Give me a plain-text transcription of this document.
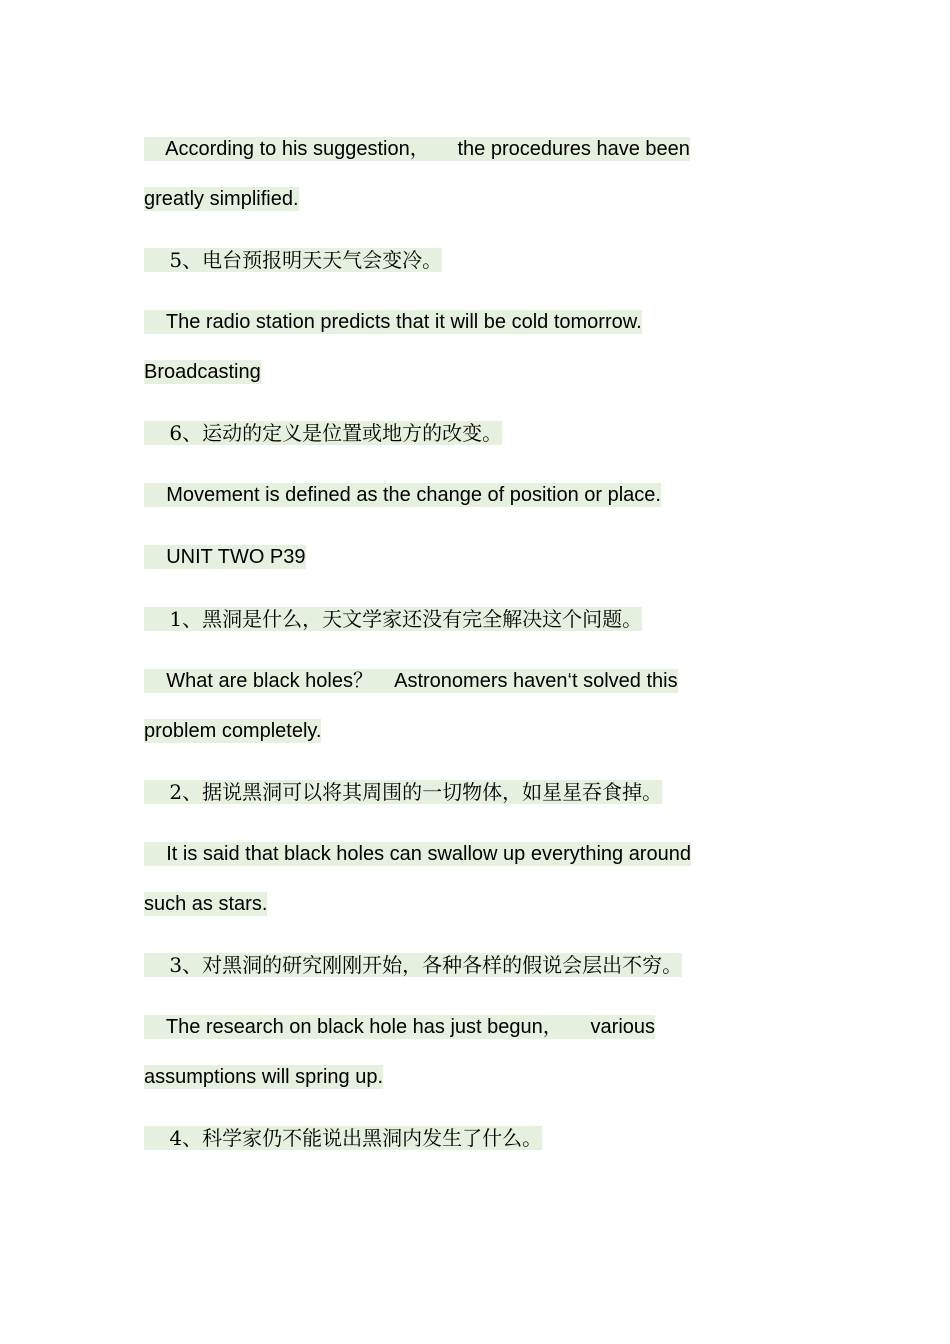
According to his suggestion，     the procedures have been
greatly simplified.
5、电台预报明天天气会变冷。
The radio station predicts that it will be cold tomorrow.
Broadcasting
6、运动的定义是位置或地方的改变。
Movement is defined as the change of position or place.
UNIT TWO P39
1、黑洞是什么，天文学家还没有完全解决这个问题。
What are black holes？    Astronomers haven‘t solved this
problem completely.
2、据说黑洞可以将其周围的一切物体，如星星吞食掉。
It is said that black holes can swallow up everything around
such as stars.
3、对黑洞的研究刚刚开始，各种各样的假说会层出不穷。
The research on black hole has just begun，     various
assumptions will spring up.
4、科学家仍不能说出黑洞内发生了什么。
